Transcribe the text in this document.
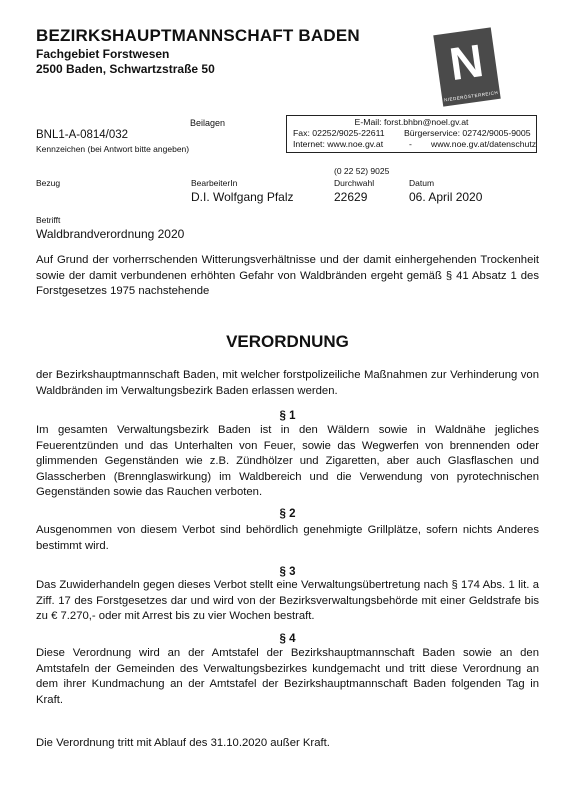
BEZIRKSHAUPTMANNSCHAFT BADEN
Fachgebiet Forstwesen
2500 Baden, Schwartzstraße 50	N
NIEDERÖSTERREICH
Beilagen
BNL1-A-0814/032
Kennzeichen (bei Antwort bitte angeben)
E-Mail: forst.bhbn@noel.gv.at
Fax: 02252/9025-22611 Bürgerservice: 02742/9005-9005
Internet: www.noe.gv.at	- www.noe.gv.at/datenschutz
(0 22 52) 9025
Bezug	BearbeiterIn	Durchwahl	Datum
D.I. Wolfgang Pfalz	22629	06. April 2020
Betrifft
Waldbrandverordnung 2020
Auf Grund der vorherrschenden Witterungsverhältnisse und der damit einhergehenden Trockenheit sowie der damit verbundenen erhöhten Gefahr von Waldbränden ergeht gemäß § 41 Absatz 1 des Forstgesetzes 1975 nachstehende
VERORDNUNG
der Bezirkshauptmannschaft Baden, mit welcher forstpolizeiliche Maßnahmen zur Verhinderung von Waldbränden im Verwaltungsbezirk Baden erlassen werden.
§ 1
Im gesamten Verwaltungsbezirk Baden ist in den Wäldern sowie in Waldnähe jegliches Feuerentzünden und das Unterhalten von Feuer, sowie das Wegwerfen von brennenden oder glimmenden Gegenständen wie z.B. Zündhölzer und Zigaretten, aber auch Glasflaschen und Glasscherben (Brennglaswirkung) im Waldbereich und die Verwendung von pyrotechnischen Gegenständen sowie das Rauchen verboten.
§ 2
Ausgenommen von diesem Verbot sind behördlich genehmigte Grillplätze, sofern nichts Anderes bestimmt wird.
§ 3
Das Zuwiderhandeln gegen dieses Verbot stellt eine Verwaltungsübertretung nach § 174 Abs. 1 lit. a Ziff. 17 des Forstgesetzes dar und wird von der Bezirksverwaltungsbehörde mit einer Geldstrafe bis zu € 7.270,- oder mit Arrest bis zu vier Wochen bestraft.
§ 4
Diese Verordnung wird an der Amtstafel der Bezirkshauptmannschaft Baden sowie an den Amtstafeln der Gemeinden des Verwaltungsbezirkes kundgemacht und tritt diese Verordnung an dem ihrer Kundmachung an der Amtstafel der Bezirkshauptmannschaft Baden folgenden Tag in Kraft.
Die Verordnung tritt mit Ablauf des 31.10.2020 außer Kraft.
